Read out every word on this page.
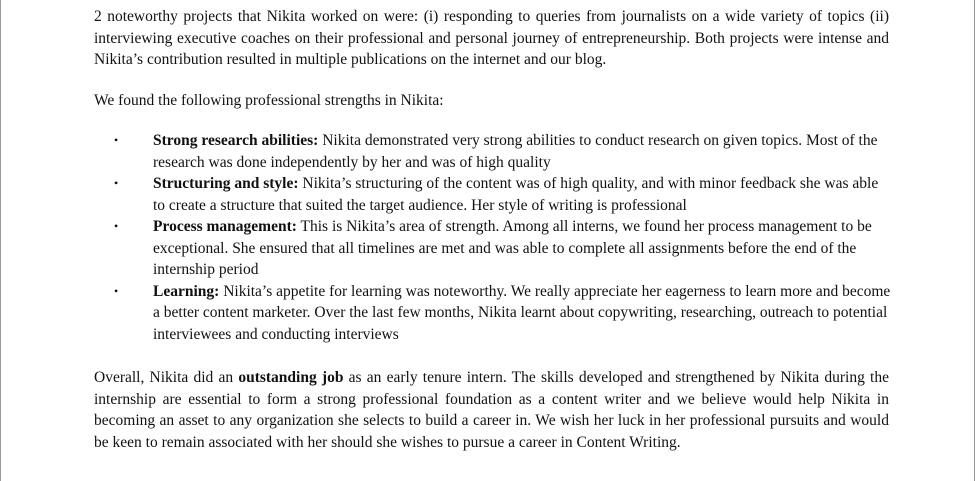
2 noteworthy projects that Nikita worked on were: (i) responding to queries from journalists on a wide variety of topics (ii) interviewing executive coaches on their professional and personal journey of entrepreneurship. Both projects were intense and Nikita’s contribution resulted in multiple publications on the internet and our blog.

We found the following professional strengths in Nikita:

• Strong research abilities: Nikita demonstrated very strong abilities to conduct research on given topics. Most of the research was done independently by her and was of high quality
• Structuring and style: Nikita’s structuring of the content was of high quality, and with minor feedback she was able to create a structure that suited the target audience. Her style of writing is professional
• Process management: This is Nikita’s area of strength. Among all interns, we found her process management to be exceptional. She ensured that all timelines are met and was able to complete all assignments before the end of the internship period
• Learning: Nikita’s appetite for learning was noteworthy. We really appreciate her eagerness to learn more and become a better content marketer. Over the last few months, Nikita learnt about copywriting, researching, outreach to potential interviewees and conducting interviews

Overall, Nikita did an outstanding job as an early tenure intern. The skills developed and strengthened by Nikita during the internship are essential to form a strong professional foundation as a content writer and we believe would help Nikita in becoming an asset to any organization she selects to build a career in. We wish her luck in her professional pursuits and would be keen to remain associated with her should she wishes to pursue a career in Content Writing.
